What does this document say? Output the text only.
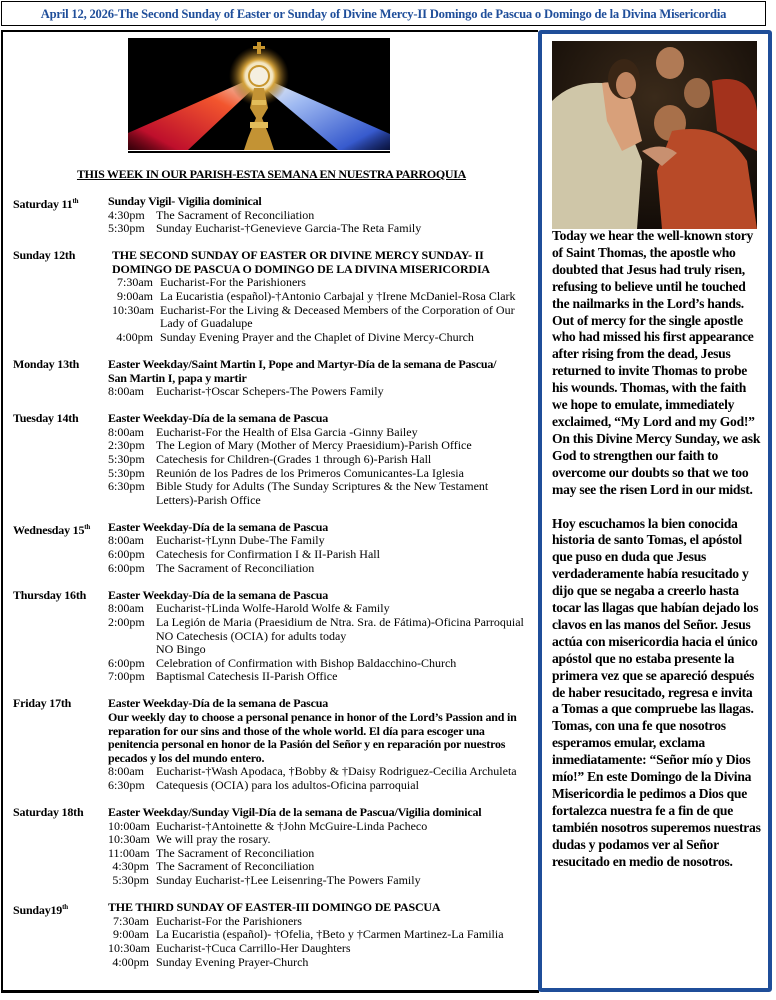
April 12, 2026-The Second Sunday of Easter or Sunday of Divine Mercy-II Domingo de Pascua o Domingo de la Divina Misericordia
THIS WEEK IN OUR PARISH-ESTA SEMANA EN NUESTRA PARROQUIA
Saturday 11th	Sunday Vigil- Vigilia dominical
4:30pm The Sacrament of Reconciliation
5:30pm Sunday Eucharist-†Genevieve Garcia-The Reta Family
Sunday 12th	THE SECOND SUNDAY OF EASTER OR DIVINE MERCY SUNDAY- II DOMINGO DE PASCUA O DOMINGO DE LA DIVINA MISERICORDIA
7:30am Eucharist-For the Parishioners
9:00am La Eucaristia (español)-†Antonio Carbajal y †Irene McDaniel-Rosa Clark
10:30am Eucharist-For the Living & Deceased Members of the Corporation of Our Lady of Guadalupe
4:00pm Sunday Evening Prayer and the Chaplet of Divine Mercy-Church
Monday 13th	Easter Weekday/Saint Martin I, Pope and Martyr-Día de la semana de Pascua/ San Martin I, papa y martir
8:00am	Eucharist-†Oscar Schepers-The Powers Family
Tuesday 14th	Easter Weekday-Día de la semana de Pascua
8:00am	Eucharist-For the Health of Elsa Garcia -Ginny Bailey
2:30pm The Legion of Mary (Mother of Mercy Praesidium)-Parish Office
5:30pm Catechesis for Children-(Grades 1 through 6)-Parish Hall
5:30pm Reunión de los Padres de los Primeros Comunicantes-La Iglesia
6:30pm Bible Study for Adults (The Sunday Scriptures & the New Testament Letters)-Parish Office
Wednesday 15th	Easter Weekday-Día de la semana de Pascua
8:00am	Eucharist-†Lynn Dube-The Family
6:00pm Catechesis for Confirmation I & II-Parish Hall
6:00pm The Sacrament of Reconciliation
Thursday 16th	Easter Weekday-Día de la semana de Pascua
8:00am	Eucharist-†Linda Wolfe-Harold Wolfe & Family
2:00pm La Legión de Maria (Praesidium de Ntra. Sra. de Fátima)-Oficina Parroquial
NO Catechesis (OCIA) for adults today
NO Bingo
6:00pm Celebration of Confirmation with Bishop Baldacchino-Church
7:00pm Baptismal Catechesis II-Parish Office
Friday 17th	Easter Weekday-Día de la semana de Pascua
Our weekly day to choose a personal penance in honor of the Lord’s Passion and in reparation for our sins and those of the whole world. El día para escoger una penitencia personal en honor de la Pasión del Señor y en reparación por nuestros pecados y los del mundo entero.
8:00am	Eucharist-†Wash Apodaca, †Bobby & †Daisy Rodriguez-Cecilia Archuleta
6:30pm Catequesis (OCIA) para los adultos-Oficina parroquial
Saturday 18th	Easter Weekday/Sunday Vigil-Día de la semana de Pascua/Vigilia dominical
10:00am Eucharist-†Antoinette & †John McGuire-Linda Pacheco
10:30am We will pray the rosary.
11:00am The Sacrament of Reconciliation
4:30pm The Sacrament of Reconciliation
5:30pm Sunday Eucharist-†Lee Leisenring-The Powers Family
Sunday19th	THE THIRD SUNDAY OF EASTER-III DOMINGO DE PASCUA
7:30am Eucharist-For the Parishioners
9:00am La Eucaristia (español)- †Ofelia, †Beto y †Carmen Martinez-La Familia
10:30am Eucharist-†Cuca Carrillo-Her Daughters
4:00pm Sunday Evening Prayer-Church

Today we hear the well-known story of Saint Thomas, the apostle who doubted that Jesus had truly risen, refusing to believe until he touched the nailmarks in the Lord’s hands. Out of mercy for the single apostle who had missed his first appearance after rising from the dead, Jesus returned to invite Thomas to probe his wounds. Thomas, with the faith we hope to emulate, immediately exclaimed, “My Lord and my God!” On this Divine Mercy Sunday, we ask God to strengthen our faith to overcome our doubts so that we too may see the risen Lord in our midst.

Hoy escuchamos la bien conocida historia de santo Tomas, el apóstol que puso en duda que Jesus verdaderamente había resucitado y dijo que se negaba a creerlo hasta tocar las llagas que habían dejado los clavos en las manos del Señor. Jesus actúa con misericordia hacia el único apóstol que no estaba presente la primera vez que se apareció después de haber resucitado, regresa e invita a Tomas a que compruebe las llagas. Tomas, con una fe que nosotros esperamos emular, exclama inmediatamente: “Señor mío y Dios mío!” En este Domingo de la Divina Misericordia le pedimos a Dios que fortalezca nuestra fe a fin de que también nosotros superemos nuestras dudas y podamos ver al Señor resucitado en medio de nosotros.
